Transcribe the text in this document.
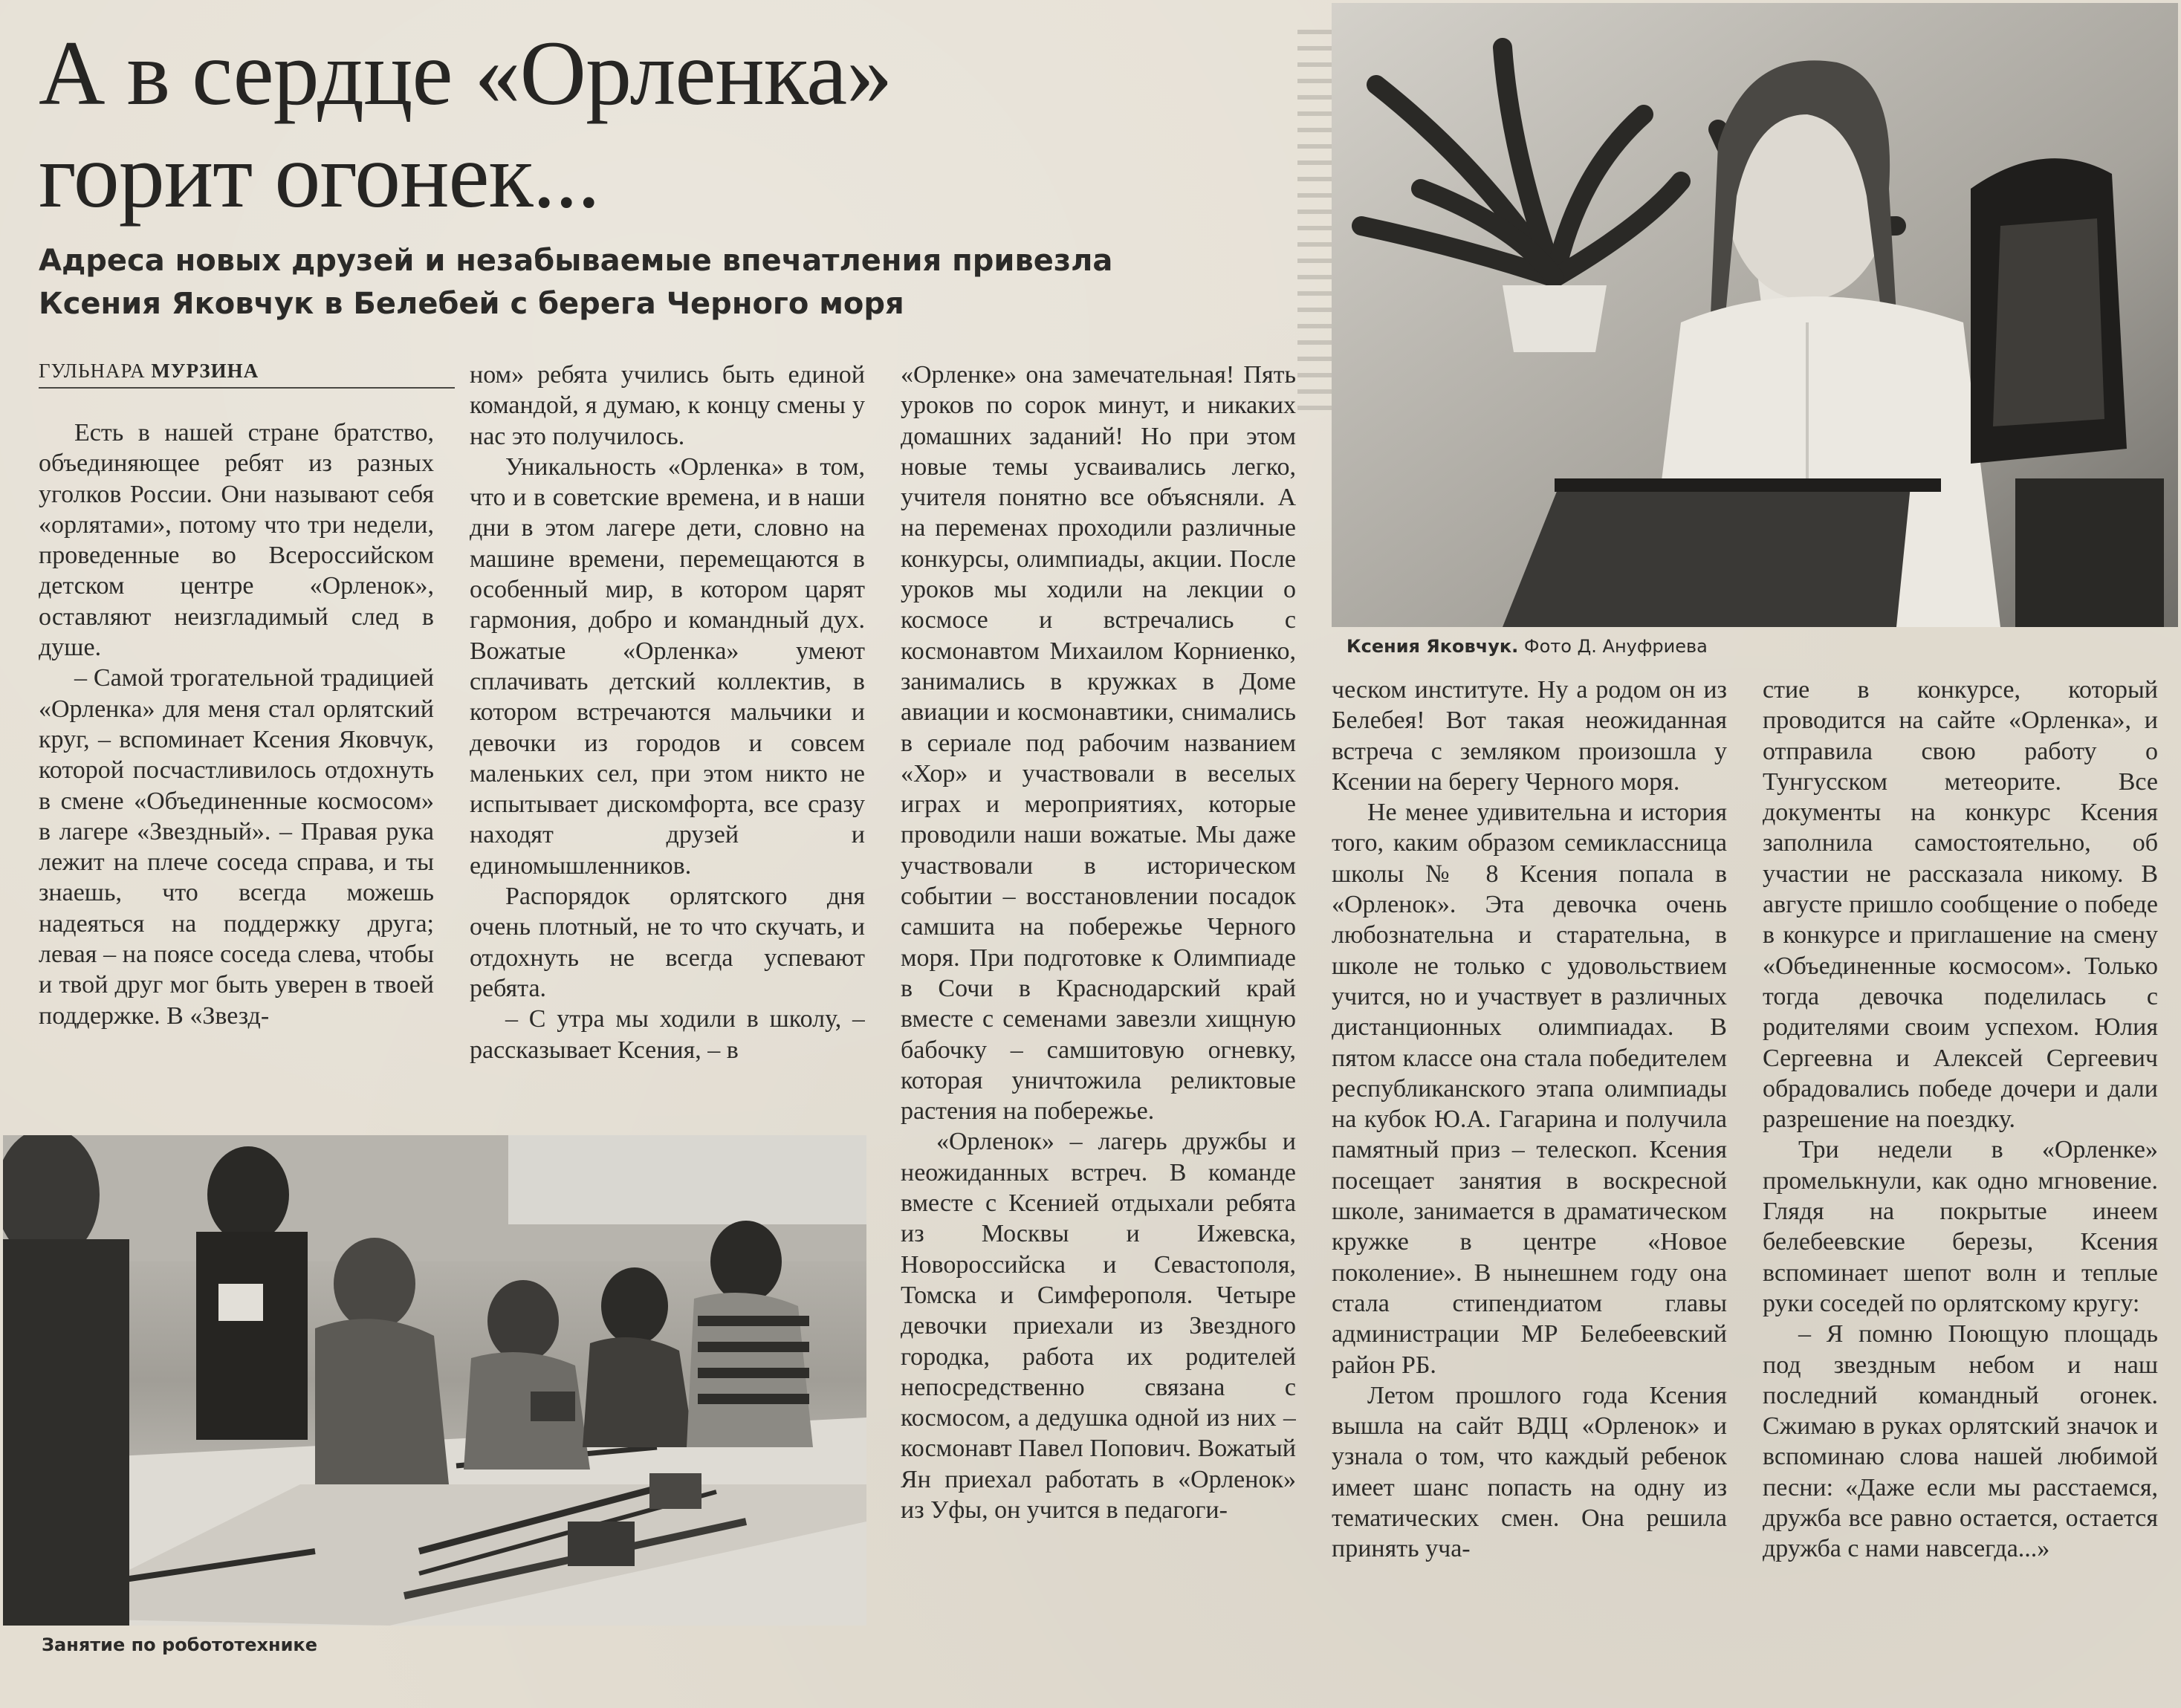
А в сердце «Орленка»
горит огонек...
Адреса новых друзей и незабываемые впечатления привезла
Ксения Яковчук в Белебей с берега Черного моря
ГУЛЬНАРА МУРЗИНА

Есть в нашей стране братство, объединяющее ребят из разных уголков России. Они называют себя «орлятами», потому что три недели, проведенные во Всероссийском детском центре «Орленок», оставляют неизгладимый след в душе.

– Самой трогательной традицией «Орленка» для меня стал орлятский круг, – вспоминает Ксения Яковчук, которой посчастливилось отдохнуть в смене «Объединенные космосом» в лагере «Звездный». – Правая рука лежит на плече соседа справа, и ты знаешь, что всегда можешь надеяться на поддержку друга; левая – на поясе соседа слева, чтобы и твой друг мог быть уверен в твоей поддержке. В «Звезд-

ном» ребята учились быть единой командой, я думаю, к концу смены у нас это получилось.

Уникальность «Орленка» в том, что и в советские времена, и в наши дни в этом лагере дети, словно на машине времени, перемещаются в особенный мир, в котором царят гармония, добро и командный дух. Вожатые «Орленка» умеют сплачивать детский коллектив, в котором встречаются мальчики и девочки из городов и совсем маленьких сел, при этом никто не испытывает дискомфорта, все сразу находят друзей и единомышленников.

Распорядок орлятского дня очень плотный, не то что скучать, и отдохнуть не всегда успевают ребята.

– С утра мы ходили в школу, – рассказывает Ксения, – в

Занятие по робототехнике

«Орленке» она замечательная! Пять уроков по сорок минут, и никаких домашних заданий! Но при этом новые темы усваивались легко, учителя понятно все объясняли. А на переменах проходили различные конкурсы, олимпиады, акции. После уроков мы ходили на лекции о космосе и встречались с космонавтом Михаилом Корниенко, занимались в кружках в Доме авиации и космонавтики, снимались в сериале под рабочим названием «Хор» и участвовали в веселых играх и мероприятиях, которые проводили наши вожатые. Мы даже участвовали в историческом событии – восстановлении посадок самшита на побережье Черного моря. При подготовке к Олимпиаде в Сочи в Краснодарский край вместе с семенами завезли хищную бабочку – самшитовую огневку, которая уничтожила реликтовые растения на побережье.

«Орленок» – лагерь дружбы и неожиданных встреч. В команде вместе с Ксенией отдыхали ребята из Москвы и Ижевска, Новороссийска и Севастополя, Томска и Симферополя. Четыре девочки приехали из Звездного городка, работа их родителей непосредственно связана с космосом, а дедушка одной из них – космонавт Павел Попович. Вожатый Ян приехал работать в «Орленок» из Уфы, он учится в педагоги-

Ксения Яковчук. Фото Д. Ануфриева

ческом институте. Ну а родом он из Белебея! Вот такая неожиданная встреча с земляком произошла у Ксении на берегу Черного моря.

Не менее удивительна и история того, каким образом семиклассница школы № 8 Ксения попала в «Орленок». Эта девочка очень любознательна и старательна, в школе не только с удовольствием учится, но и участвует в различных дистанционных олимпиадах. В пятом классе она стала победителем республиканского этапа олимпиады на кубок Ю.А. Гагарина и получила памятный приз – телескоп. Ксения посещает занятия в воскресной школе, занимается в драматическом кружке в центре «Новое поколение». В нынешнем году она стала стипендиатом главы администрации МР Белебеевский район РБ.

Летом прошлого года Ксения вышла на сайт ВДЦ «Орленок» и узнала о том, что каждый ребенок имеет шанс попасть на одну из тематических смен. Она решила принять уча-

стие в конкурсе, который проводится на сайте «Орленка», и отправила свою работу о Тунгусском метеорите. Все документы на конкурс Ксения заполнила самостоятельно, об участии не рассказала никому. В августе пришло сообщение о победе в конкурсе и приглашение на смену «Объединенные космосом». Только тогда девочка поделилась с родителями своим успехом. Юлия Сергеевна и Алексей Сергеевич обрадовались победе дочери и дали разрешение на поездку.

Три недели в «Орленке» промелькнули, как одно мгновение. Глядя на покрытые инеем белебеевские березы, Ксения вспоминает шепот волн и теплые руки соседей по орлятскому кругу:

– Я помню Поющую площадь под звездным небом и наш последний командный огонек. Сжимаю в руках орлятский значок и вспоминаю слова нашей любимой песни: «Даже если мы расстаемся, дружба все равно остается, остается дружба с нами навсегда...»
